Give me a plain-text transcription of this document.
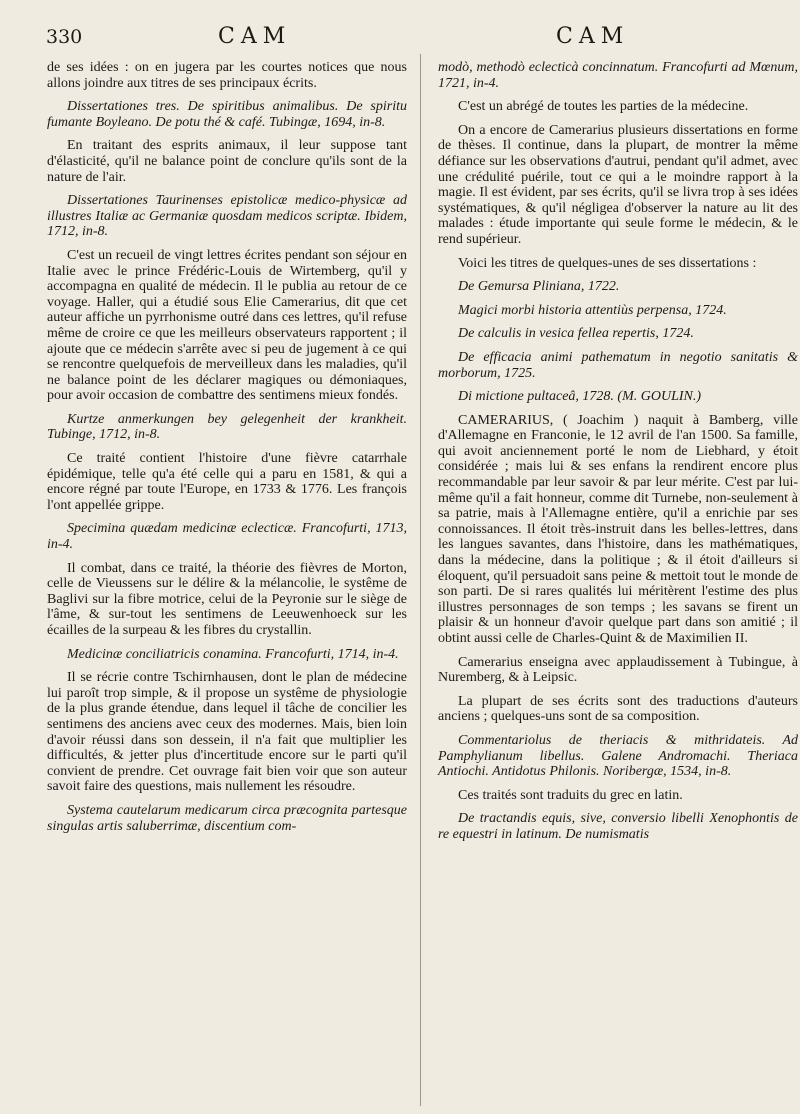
330	CAM	CAM

de ses idées : on en jugera par les courtes notices que nous allons joindre aux titres de ses principaux écrits.

Dissertationes tres. De spiritibus animalibus. De spiritu fumante Boyleano. De potu thé & café. Tubingæ, 1694, in-8.

En traitant des esprits animaux, il leur suppose tant d'élasticité, qu'il ne balance point de conclure qu'ils sont de la nature de l'air.

Dissertationes Taurinenses epistolicæ medico-physicæ ad illustres Italiæ ac Germaniæ quosdam medicos scriptæ. Ibidem, 1712, in-8.

C'est un recueil de vingt lettres écrites pendant son séjour en Italie avec le prince Frédéric-Louis de Wirtemberg, qu'il y accompagna en qualité de médecin. Il le publia au retour de ce voyage. Haller, qui a étudié sous Elie Camerarius, dit que cet auteur affiche un pyrrhonisme outré dans ces lettres, qu'il refuse même de croire ce que les meilleurs observateurs rapportent ; il ajoute que ce médecin s'arrête avec si peu de jugement à ce qui se rencontre quelquefois de merveilleux dans les maladies, qu'il ne balance point de les déclarer magiques ou démoniaques, pour avoir occasion de combattre des sentimens mieux fondés.

Kurtze anmerkungen bey gelegenheit der krankheit. Tubinge, 1712, in-8.

Ce traité contient l'histoire d'une fièvre catarrhale épidémique, telle qu'a été celle qui a paru en 1581, & qui a encore régné par toute l'Europe, en 1733 & 1776. Les françois l'ont appellée grippe.

Specimina quædam medicinæ eclecticæ. Francofurti, 1713, in-4.

Il combat, dans ce traité, la théorie des fièvres de Morton, celle de Vieussens sur le délire & la mélancolie, le systême de Baglivi sur la fibre motrice, celui de la Peyronie sur le siège de l'âme, & sur-tout les sentimens de Leeuwenhoeck sur les écailles de la surpeau & les fibres du crystallin.

Medicinæ conciliatricis conamina. Francofurti, 1714, in-4.

Il se récrie contre Tschirnhausen, dont le plan de médecine lui paroît trop simple, & il propose un systême de physiologie de la plus grande étendue, dans lequel il tâche de concilier les sentimens des anciens avec ceux des modernes. Mais, bien loin d'avoir réussi dans son dessein, il n'a fait que multiplier les difficultés, & jetter plus d'incertitude encore sur le parti qu'il convient de prendre. Cet ouvrage fait bien voir que son auteur savoit faire des questions, mais nullement les résoudre.

Systema cautelarum medicarum circa præcognita partesque singulas artis saluberrimæ, discentium com-

modò, methodò eclecticà concinnatum. Francofurti ad Mœnum, 1721, in-4.

C'est un abrégé de toutes les parties de la médecine.

On a encore de Camerarius plusieurs dissertations en forme de thèses. Il continue, dans la plupart, de montrer la même défiance sur les observations d'autrui, pendant qu'il admet, avec une crédulité puérile, tout ce qui a le moindre rapport à la magie. Il est évident, par ses écrits, qu'il se livra trop à ses idées systématiques, & qu'il négligea d'observer la nature au lit des malades : étude importante qui seule forme le médecin, & le rend supérieur.

Voici les titres de quelques-unes de ses dissertations :

De Gemursa Pliniana, 1722.

Magici morbi historia attentiùs perpensa, 1724.

De calculis in vesica fellea repertis, 1724.

De efficacia animi pathematum in negotio sanitatis & morborum, 1725.

Di mictione pultaceâ, 1728. (M. GOULIN.)

CAMERARIUS, ( Joachim ) naquit à Bamberg, ville d'Allemagne en Franconie, le 12 avril de l'an 1500. Sa famille, qui avoit anciennement porté le nom de Liebhard, y étoit considérée ; mais lui & ses enfans la rendirent encore plus recommandable par leur savoir & par leur mérite. C'est par lui-même qu'il a fait honneur, comme dit Turnebe, non-seulement à sa patrie, mais à l'Allemagne entière, qu'il a enrichie par ses connoissances. Il étoit très-instruit dans les belles-lettres, dans les langues savantes, dans l'histoire, dans les mathématiques, dans la médecine, dans la politique ; & il étoit d'ailleurs si éloquent, qu'il persuadoit sans peine & mettoit tout le monde de son parti. De si rares qualités lui méritèrent l'estime des plus illustres personnages de son temps ; les savans se firent un plaisir & un honneur d'avoir quelque part dans son amitié ; il obtint aussi celle de Charles-Quint & de Maximilien II.

Camerarius enseigna avec applaudissement à Tubingue, à Nuremberg, & à Leipsic.

La plupart de ses écrits sont des traductions d'auteurs anciens ; quelques-uns sont de sa composition.

Commentariolus de theriacis & mithridateis. Ad Pamphylianum libellus. Galene Andromachi. Theriaca Antiochi. Antidotus Philonis. Noribergæ, 1534, in-8.

Ces traités sont traduits du grec en latin.

De tractandis equis, sive, conversio libelli Xenophontis de re equestri in latinum. De numismatis
